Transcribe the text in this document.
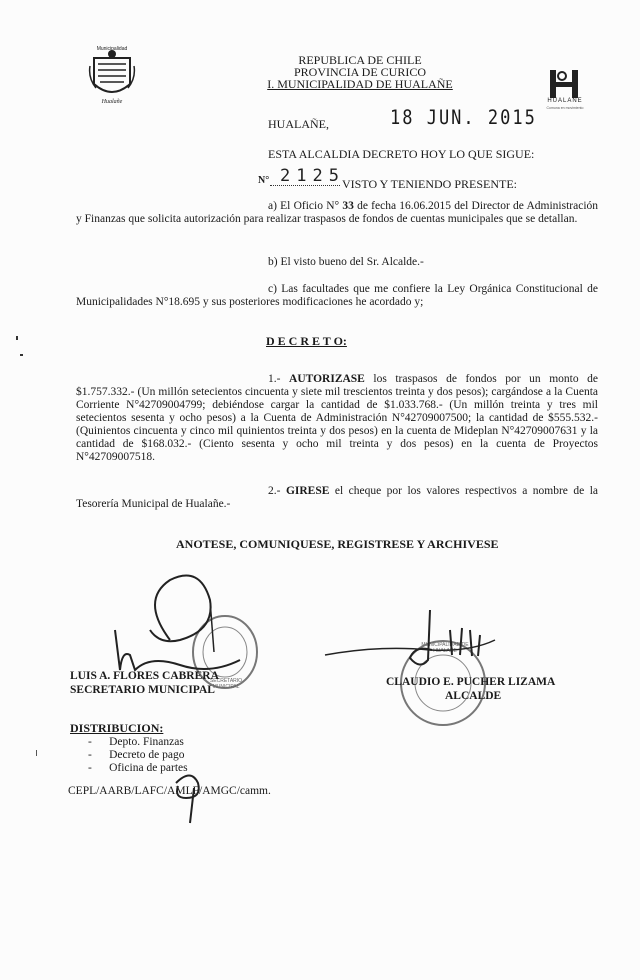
Municipalidad
Hualañe
REPUBLICA DE CHILE
PROVINCIA DE CURICO
I. MUNICIPALIDAD DE HUALAÑE
HUALAÑE
Comuna en movimiento
HUALAÑE,	18 JUN. 2015
ESTA ALCALDIA DECRETO HOY LO QUE SIGUE:
N° 2125
VISTO Y TENIENDO PRESENTE:
a) El Oficio N° 33 de fecha 16.06.2015 del Director de Administración y Finanzas que solicita autorización para realizar traspasos de fondos de cuentas municipales que se detallan.
b) El visto bueno del Sr. Alcalde.-
c) Las facultades que me confiere la Ley Orgánica Constitucional de Municipalidades N°18.695 y sus posteriores modificaciones he acordado y;
D E C R E T O:
1.- AUTORIZASE los traspasos de fondos por un monto de $1.757.332.- (Un millón setecientos cincuenta y siete mil trescientos treinta y dos pesos); cargándose a la Cuenta Corriente N°42709004799; debiéndose cargar la cantidad de $1.033.768.- (Un millón treinta y tres mil setecientos sesenta y ocho pesos) a la Cuenta de Administración N°42709007500; la cantidad de $555.532.- (Quinientos cincuenta y cinco mil quinientos treinta y dos pesos) en la cuenta de Mideplan N°42709007631 y la cantidad de $168.032.- (Ciento sesenta y ocho mil treinta y dos pesos) en la cuenta de Proyectos N°42709007518.
2.- GIRESE el cheque por los valores respectivos a nombre de la Tesorería Municipal de Hualañe.-
ANOTESE, COMUNIQUESE, REGISTRESE Y ARCHIVESE
SECRETARIO MUNICIPAL
LUIS A. FLORES CABRERA
SECRETARIO MUNICIPAL
MUNICIPALIDAD DE HUALAÑE
CLAUDIO E. PUCHER LIZAMA
ALCALDE
DISTRIBUCION:
-      Depto. Finanzas
-      Decreto de pago
-      Oficina de partes
CEPL/AARB/LAFC/AMLF/AMGC/camm.
